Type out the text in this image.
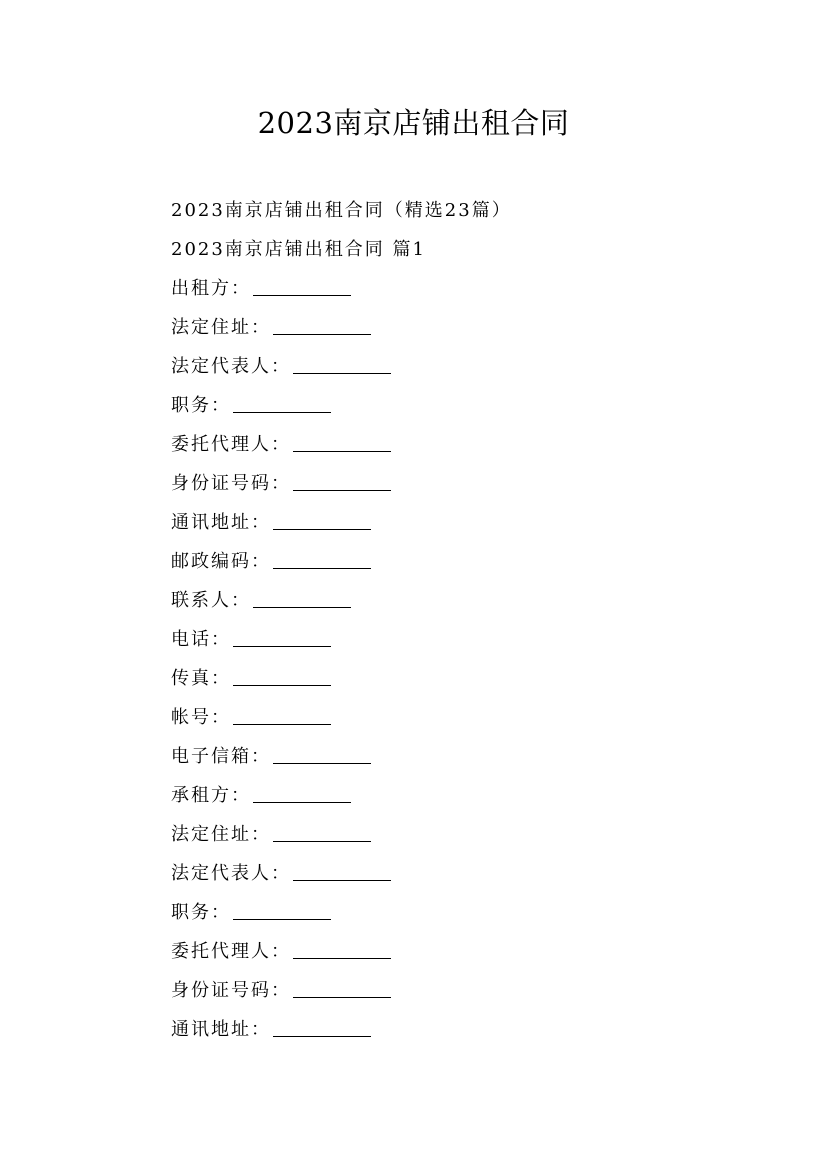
2023南京店铺出租合同
2023南京店铺出租合同（精选23篇）
2023南京店铺出租合同 篇1
出租方：
法定住址：
法定代表人：
职务：
委托代理人：
身份证号码：
通讯地址：
邮政编码：
联系人：
电话：
传真：
帐号：
电子信箱：
承租方：
法定住址：
法定代表人：
职务：
委托代理人：
身份证号码：
通讯地址：
